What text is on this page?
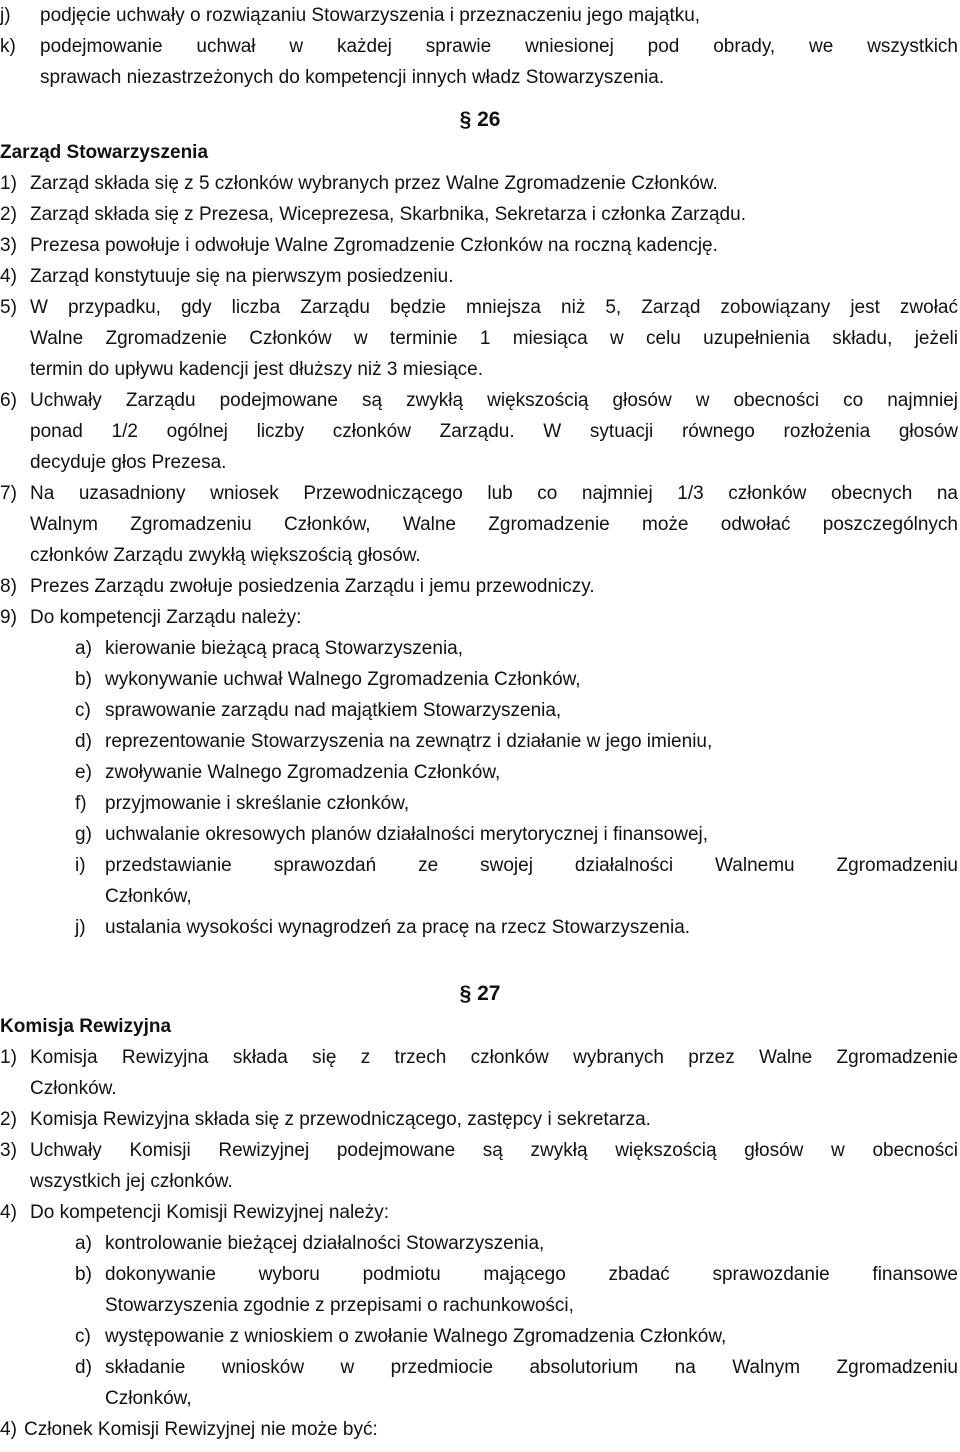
j)	podjęcie uchwały o rozwiązaniu Stowarzyszenia i przeznaczeniu jego majątku,
k)	podejmowanie uchwał w każdej sprawie wniesionej pod obrady, we wszystkich
sprawach niezastrzeżonych do kompetencji innych władz Stowarzyszenia.
§ 26
Zarząd Stowarzyszenia
1) Zarząd składa się z 5 członków wybranych przez Walne Zgromadzenie Członków.
2) Zarząd składa się z Prezesa, Wiceprezesa, Skarbnika, Sekretarza i członka Zarządu.
3) Prezesa powołuje i odwołuje Walne Zgromadzenie Członków na roczną kadencję.
4) Zarząd konstytuuje się na pierwszym posiedzeniu.
5) W przypadku, gdy liczba Zarządu będzie mniejsza niż 5, Zarząd zobowiązany jest zwołać
Walne Zgromadzenie Członków w terminie 1 miesiąca w celu uzupełnienia składu, jeżeli
termin do upływu kadencji jest dłuższy niż 3 miesiące.
6) Uchwały Zarządu podejmowane są zwykłą większością głosów w obecności co najmniej
ponad 1/2 ogólnej liczby członków Zarządu. W sytuacji równego rozłożenia głosów
decyduje głos Prezesa.
7) Na uzasadniony wniosek Przewodniczącego lub co najmniej 1/3 członków obecnych na
Walnym Zgromadzeniu Członków, Walne Zgromadzenie może odwołać poszczególnych
członków Zarządu zwykłą większością głosów.
8) Prezes Zarządu zwołuje posiedzenia Zarządu i jemu przewodniczy.
9) Do kompetencji Zarządu należy:
a) kierowanie bieżącą pracą Stowarzyszenia,
b) wykonywanie uchwał Walnego Zgromadzenia Członków,
c) sprawowanie zarządu nad majątkiem Stowarzyszenia,
d) reprezentowanie Stowarzyszenia na zewnątrz i działanie w jego imieniu,
e) zwoływanie Walnego Zgromadzenia Członków,
f) przyjmowanie i skreślanie członków,
g) uchwalanie okresowych planów działalności merytorycznej i finansowej,
i)	przedstawianie sprawozdań ze swojej działalności Walnemu Zgromadzeniu
Członków,
j)	ustalania wysokości wynagrodzeń za pracę na rzecz Stowarzyszenia.
§ 27
Komisja Rewizyjna
1) Komisja Rewizyjna składa się z trzech członków wybranych przez Walne Zgromadzenie
Członków.
2) Komisja Rewizyjna składa się z przewodniczącego, zastępcy i sekretarza.
3) Uchwały Komisji Rewizyjnej podejmowane są zwykłą większością głosów w obecności
wszystkich jej członków.
4) Do kompetencji Komisji Rewizyjnej należy:
a) kontrolowanie bieżącej działalności Stowarzyszenia,
b) dokonywanie wyboru podmiotu mającego zbadać sprawozdanie finansowe
Stowarzyszenia zgodnie z przepisami o rachunkowości,
c) występowanie z wnioskiem o zwołanie Walnego Zgromadzenia Członków,
d) składanie wniosków w przedmiocie absolutorium na Walnym Zgromadzeniu
Członków,
4) Członek Komisji Rewizyjnej nie może być:
